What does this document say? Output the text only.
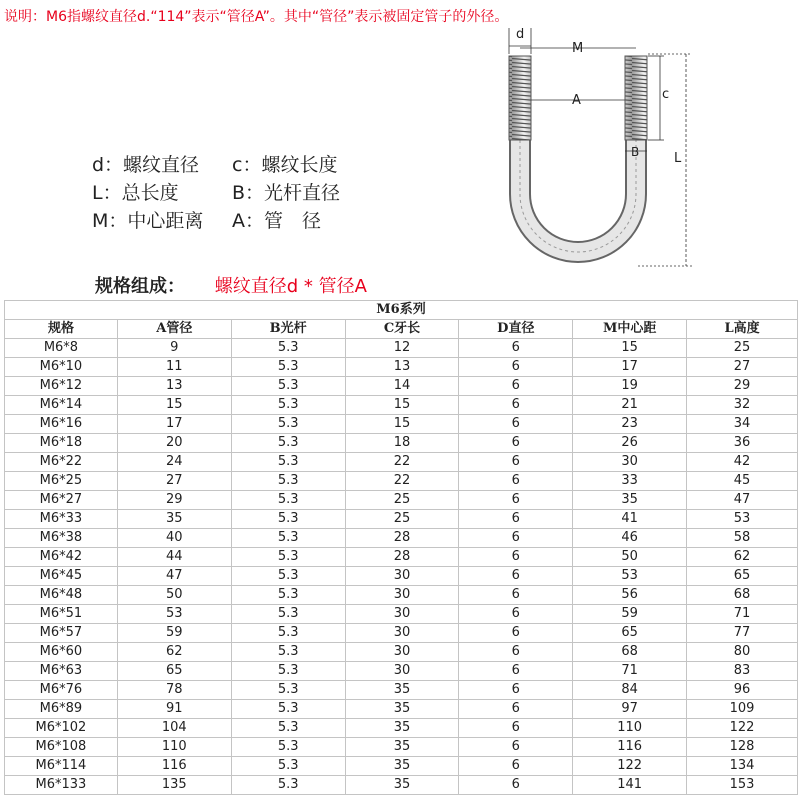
说明：M6指螺纹直径d.“114”表示“管径A”。其中“管径”表示被固定管子的外径。
d
M
A	c
L
B
d：螺纹直径 c：螺纹长度
L：总长度	B：光杆直径
M：中心距离 A：管　径
规格组成： 螺纹直径d * 管径A
M6系列						
规格	A管径	B光杆	C牙长	D直径	M中心距	L高度
M6*8	9	5.3	12	6	15	25
M6*10	11	5.3	13	6	17	27
M6*12	13	5.3	14	6	19	29
M6*14	15	5.3	15	6	21	32
M6*16	17	5.3	15	6	23	34
M6*18	20	5.3	18	6	26	36
M6*22	24	5.3	22	6	30	42
M6*25	27	5.3	22	6	33	45
M6*27	29	5.3	25	6	35	47
M6*33	35	5.3	25	6	41	53
M6*38	40	5.3	28	6	46	58
M6*42	44	5.3	28	6	50	62
M6*45	47	5.3	30	6	53	65
M6*48	50	5.3	30	6	56	68
M6*51	53	5.3	30	6	59	71
M6*57	59	5.3	30	6	65	77
M6*60	62	5.3	30	6	68	80
M6*63	65	5.3	30	6	71	83
M6*76	78	5.3	35	6	84	96
M6*89	91	5.3	35	6	97	109
M6*102	104	5.3	35	6	110	122
M6*108	110	5.3	35	6	116	128
M6*114	116	5.3	35	6	122	134
M6*133	135	5.3	35	6	141	153
